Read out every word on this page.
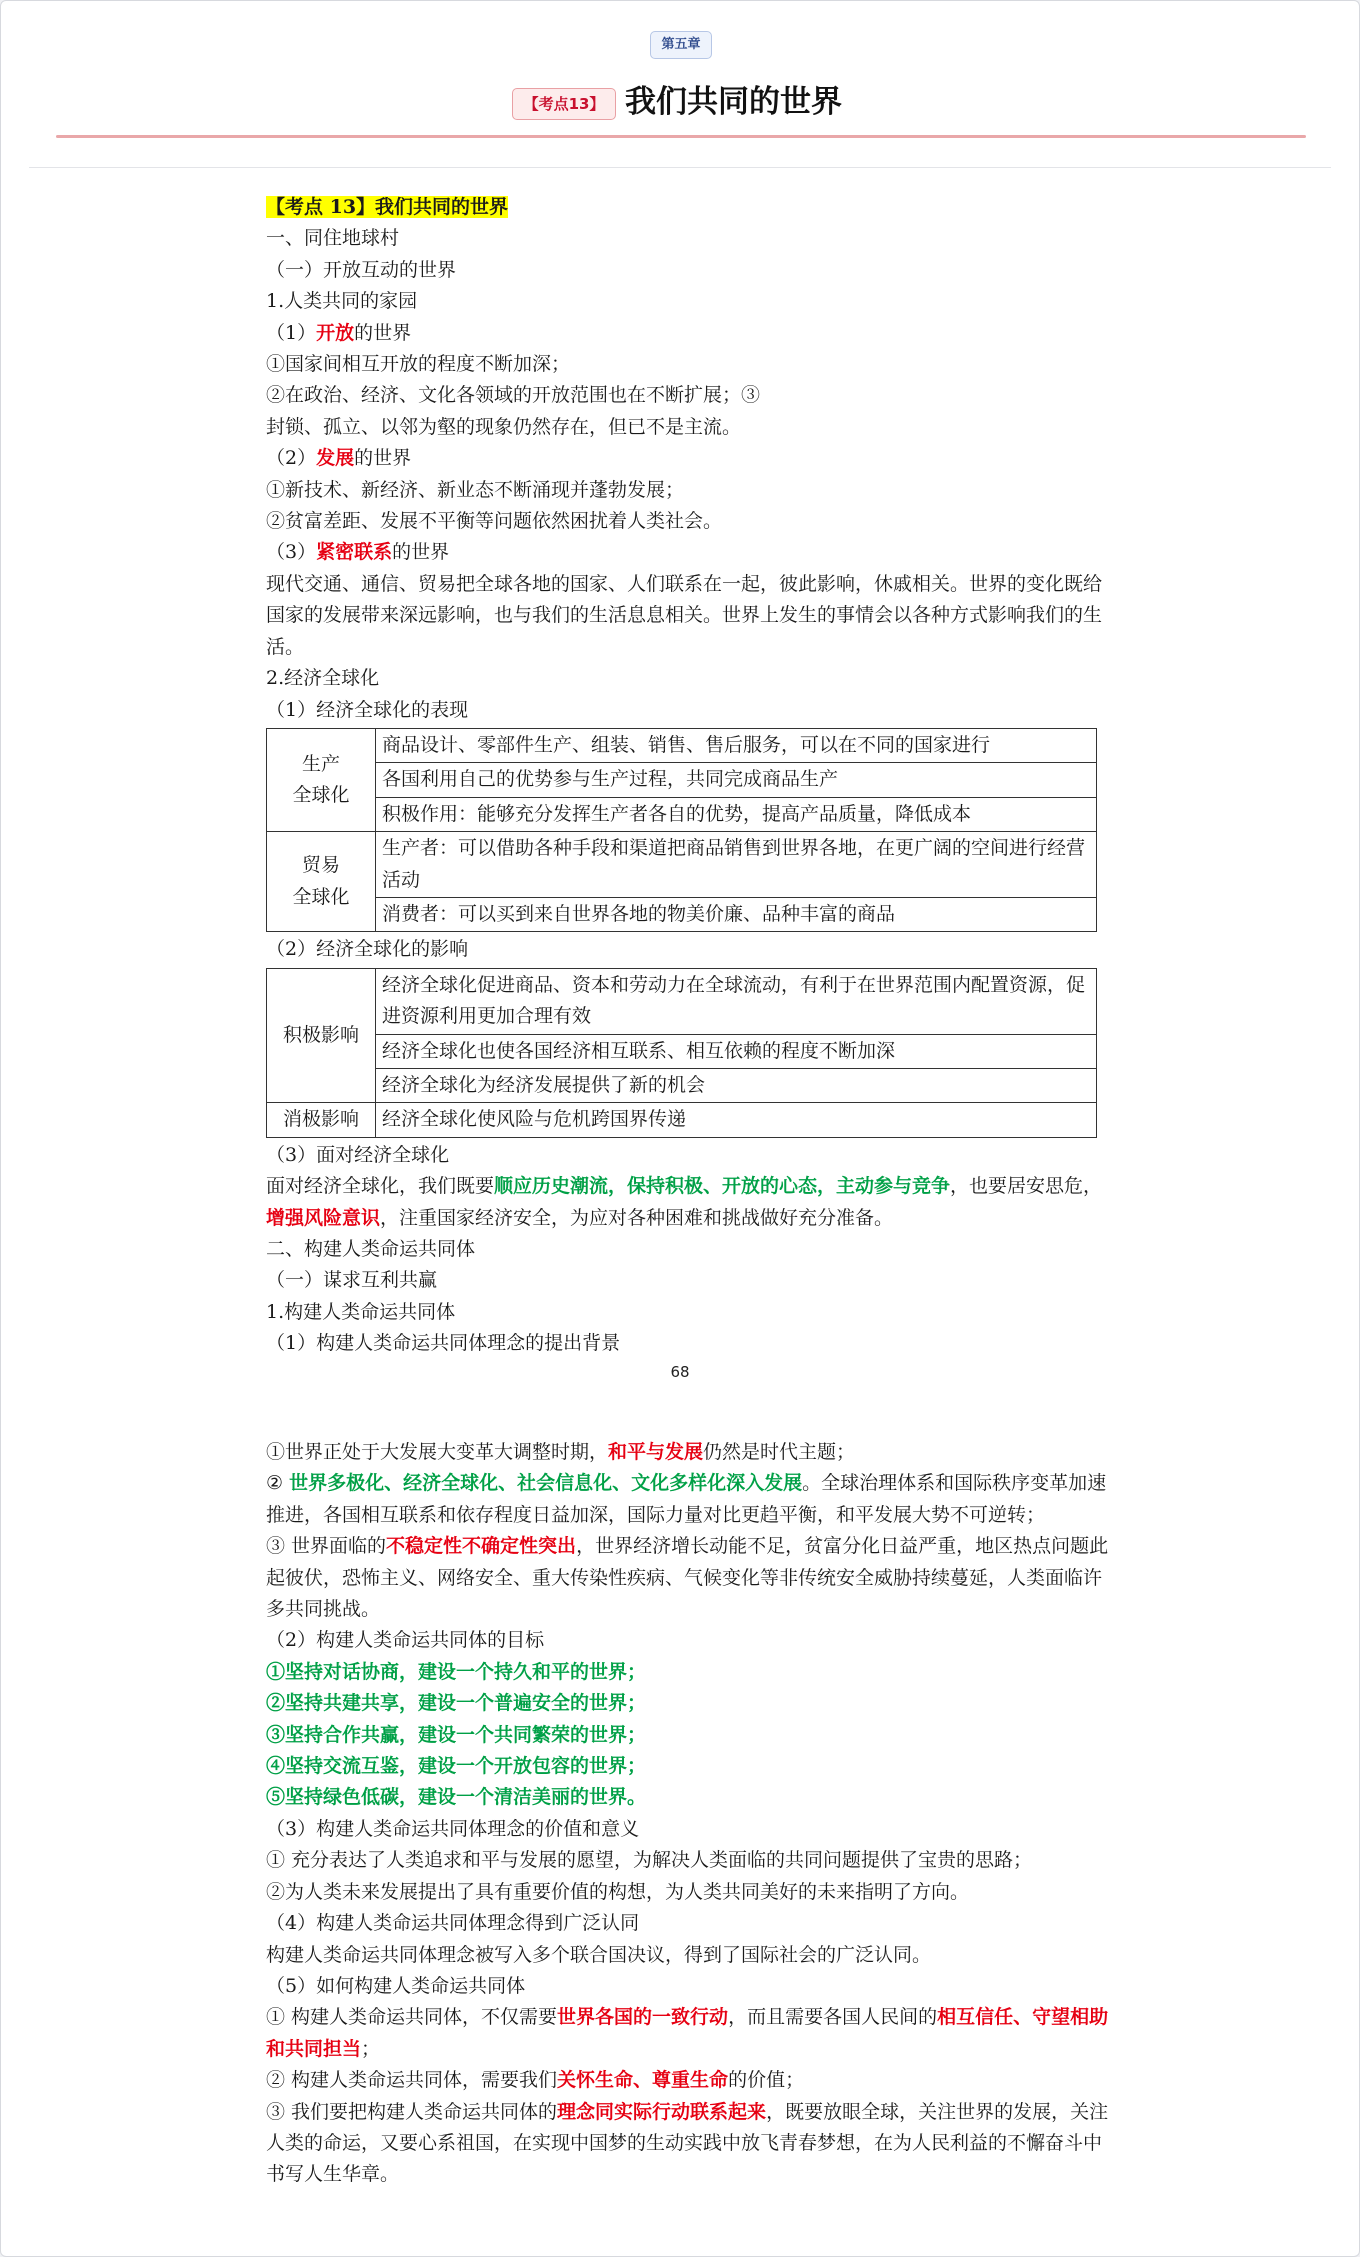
第五章
【考点13】 我们共同的世界

【考点 13】我们共同的世界

一、同住地球村

（一）开放互动的世界

1.人类共同的家园

（1）开放的世界

①国家间相互开放的程度不断加深；

②在政治、经济、文化各领域的开放范围也在不断扩展；③

封锁、孤立、以邻为壑的现象仍然存在，但已不是主流。

（2）发展的世界

①新技术、新经济、新业态不断涌现并蓬勃发展；

②贫富差距、发展不平衡等问题依然困扰着人类社会。

（3）紧密联系的世界

现代交通、通信、贸易把全球各地的国家、人们联系在一起，彼此影响，休戚相关。世界的变化既给国家的发展带来深远影响，也与我们的生活息息相关。世界上发生的事情会以各种方式影响我们的生活。

2.经济全球化

（1）经济全球化的表现

生产
全球化	商品设计、零部件生产、组装、销售、售后服务，可以在不同的国家进行
	各国利用自己的优势参与生产过程，共同完成商品生产
	积极作用：能够充分发挥生产者各自的优势，提高产品质量，降低成本
贸易
全球化	生产者：可以借助各种手段和渠道把商品销售到世界各地，在更广阔的空间进行经营活动
	消费者：可以买到来自世界各地的物美价廉、品种丰富的商品

（2）经济全球化的影响

积极影响	经济全球化促进商品、资本和劳动力在全球流动，有利于在世界范围内配置资源，促进资源利用更加合理有效
	经济全球化也使各国经济相互联系、相互依赖的程度不断加深
	经济全球化为经济发展提供了新的机会
消极影响	经济全球化使风险与危机跨国界传递

（3）面对经济全球化

面对经济全球化，我们既要顺应历史潮流，保持积极、开放的心态，主动参与竞争，也要居安思危，增强风险意识，注重国家经济安全，为应对各种困难和挑战做好充分准备。

二、构建人类命运共同体

（一）谋求互利共赢

1.构建人类命运共同体

（1）构建人类命运共同体理念的提出背景

68

①世界正处于大发展大变革大调整时期，和平与发展仍然是时代主题；

② 世界多极化、经济全球化、社会信息化、文化多样化深入发展。全球治理体系和国际秩序变革加速推进，各国相互联系和依存程度日益加深，国际力量对比更趋平衡，和平发展大势不可逆转；

③ 世界面临的不稳定性不确定性突出，世界经济增长动能不足，贫富分化日益严重，地区热点问题此起彼伏，恐怖主义、网络安全、重大传染性疾病、气候变化等非传统安全威胁持续蔓延，人类面临许多共同挑战。

（2）构建人类命运共同体的目标

①坚持对话协商，建设一个持久和平的世界；

②坚持共建共享，建设一个普遍安全的世界；

③坚持合作共赢，建设一个共同繁荣的世界；

④坚持交流互鉴，建设一个开放包容的世界；

⑤坚持绿色低碳，建设一个清洁美丽的世界。

（3）构建人类命运共同体理念的价值和意义

① 充分表达了人类追求和平与发展的愿望，为解决人类面临的共同问题提供了宝贵的思路；

②为人类未来发展提出了具有重要价值的构想，为人类共同美好的未来指明了方向。

（4）构建人类命运共同体理念得到广泛认同

构建人类命运共同体理念被写入多个联合国决议，得到了国际社会的广泛认同。

（5）如何构建人类命运共同体

① 构建人类命运共同体，不仅需要世界各国的一致行动，而且需要各国人民间的相互信任、守望相助和共同担当；

② 构建人类命运共同体，需要我们关怀生命、尊重生命的价值；

③ 我们要把构建人类命运共同体的理念同实际行动联系起来，既要放眼全球，关注世界的发展，关注人类的命运，又要心系祖国，在实现中国梦的生动实践中放飞青春梦想，在为人民利益的不懈奋斗中书写人生华章。
